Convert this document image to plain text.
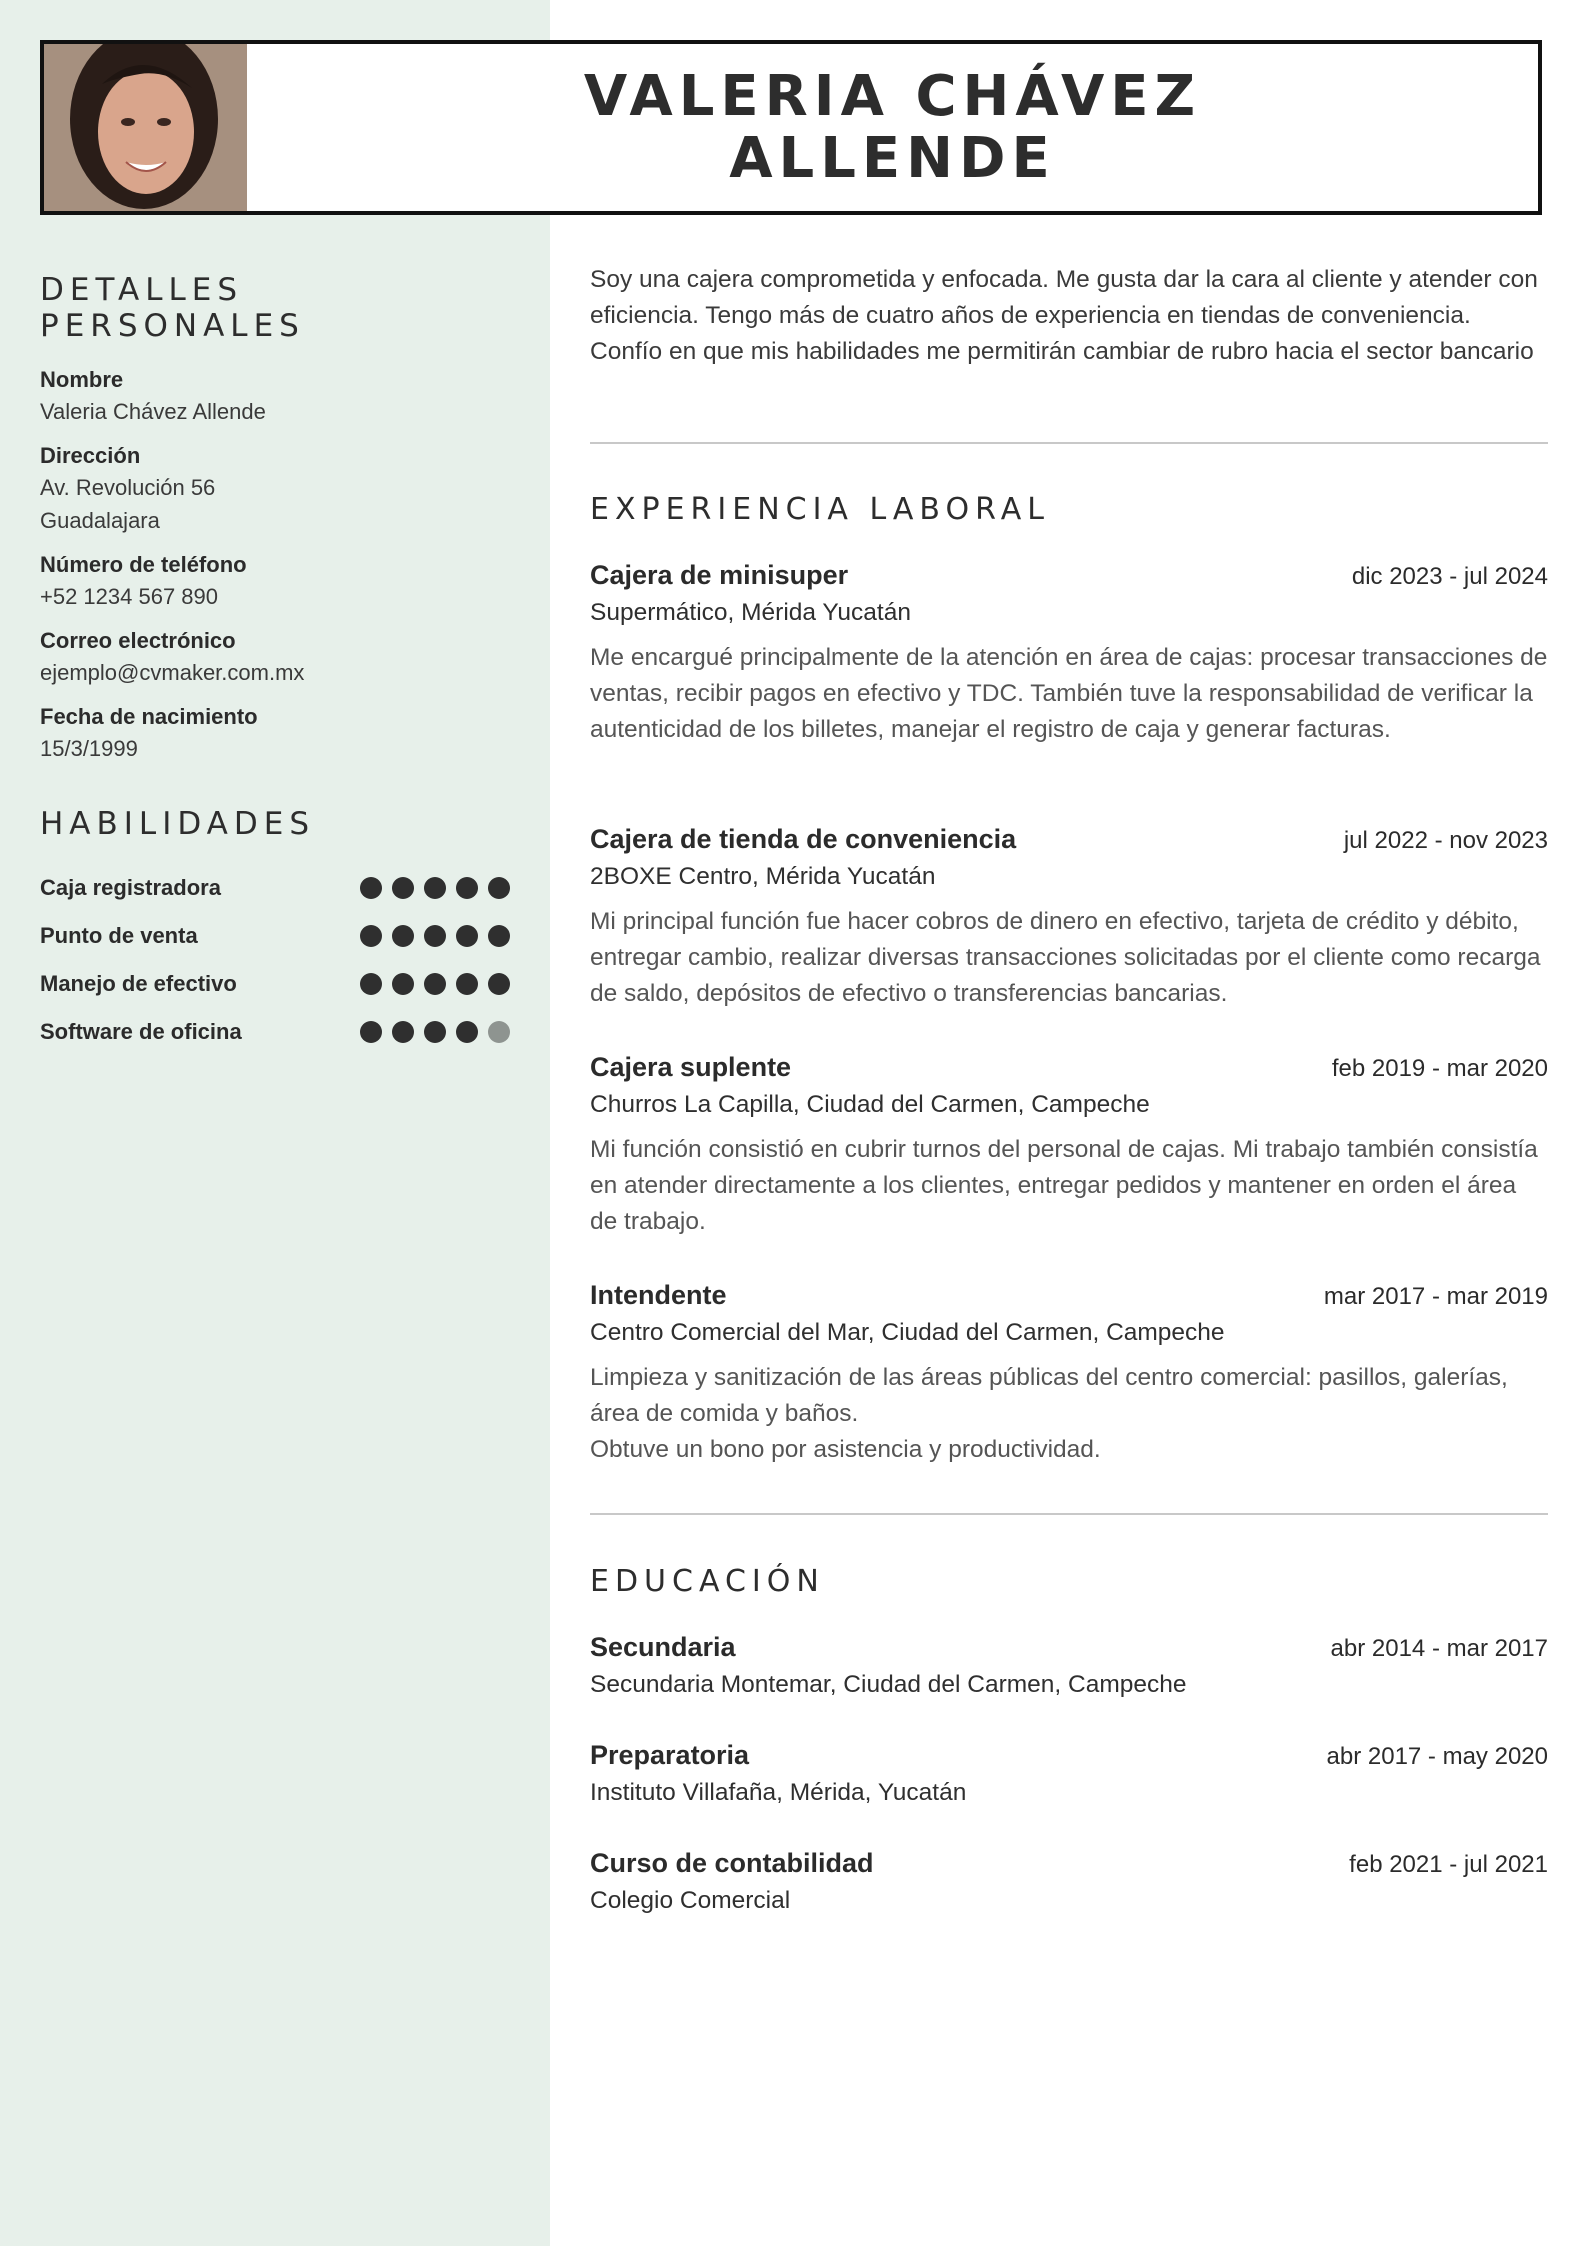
VALERIA CHÁVEZ
ALLENDE
DETALLES PERSONALES
Nombre
Valeria Chávez Allende
Dirección
Av. Revolución 56
Guadalajara
Número de teléfono
+52 1234 567 890
Correo electrónico
ejemplo@cvmaker.com.mx
Fecha de nacimiento
15/3/1999
HABILIDADES
Caja registradora
Punto de venta
Manejo de efectivo
Software de oficina
Soy una cajera comprometida y enfocada. Me gusta dar la cara al cliente y atender con eficiencia. Tengo más de cuatro años de experiencia en tiendas de conveniencia. Confío en que mis habilidades me permitirán cambiar de rubro hacia el sector bancario
EXPERIENCIA LABORAL
Cajera de minisuper	dic 2023 - jul 2024
Supermático, Mérida Yucatán

Me encargué principalmente de la atención en área de cajas: procesar transacciones de ventas, recibir pagos en efectivo y TDC. También tuve la responsabilidad de verificar la autenticidad de los billetes, manejar el registro de caja y generar facturas.

Cajera de tienda de conveniencia	jul 2022 - nov 2023
2BOXE Centro, Mérida Yucatán

Mi principal función fue hacer cobros de dinero en efectivo, tarjeta de crédito y débito, entregar cambio, realizar diversas transacciones solicitadas por el cliente como recarga de saldo, depósitos de efectivo o transferencias bancarias.

Cajera suplente	feb 2019 - mar 2020
Churros La Capilla, Ciudad del Carmen, Campeche

Mi función consistió en cubrir turnos del personal de cajas. Mi trabajo también consistía en atender directamente a los clientes, entregar pedidos y mantener en orden el área de trabajo.

Intendente	mar 2017 - mar 2019
Centro Comercial del Mar, Ciudad del Carmen, Campeche

Limpieza y sanitización de las áreas públicas del centro comercial: pasillos, galerías, área de comida y baños.

Obtuve un bono por asistencia y productividad.

EDUCACIÓN
Secundaria	abr 2014 - mar 2017
Secundaria Montemar, Ciudad del Carmen, Campeche
Preparatoria	abr 2017 - may 2020
Instituto Villafaña, Mérida, Yucatán
Curso de contabilidad	feb 2021 - jul 2021
Colegio Comercial
